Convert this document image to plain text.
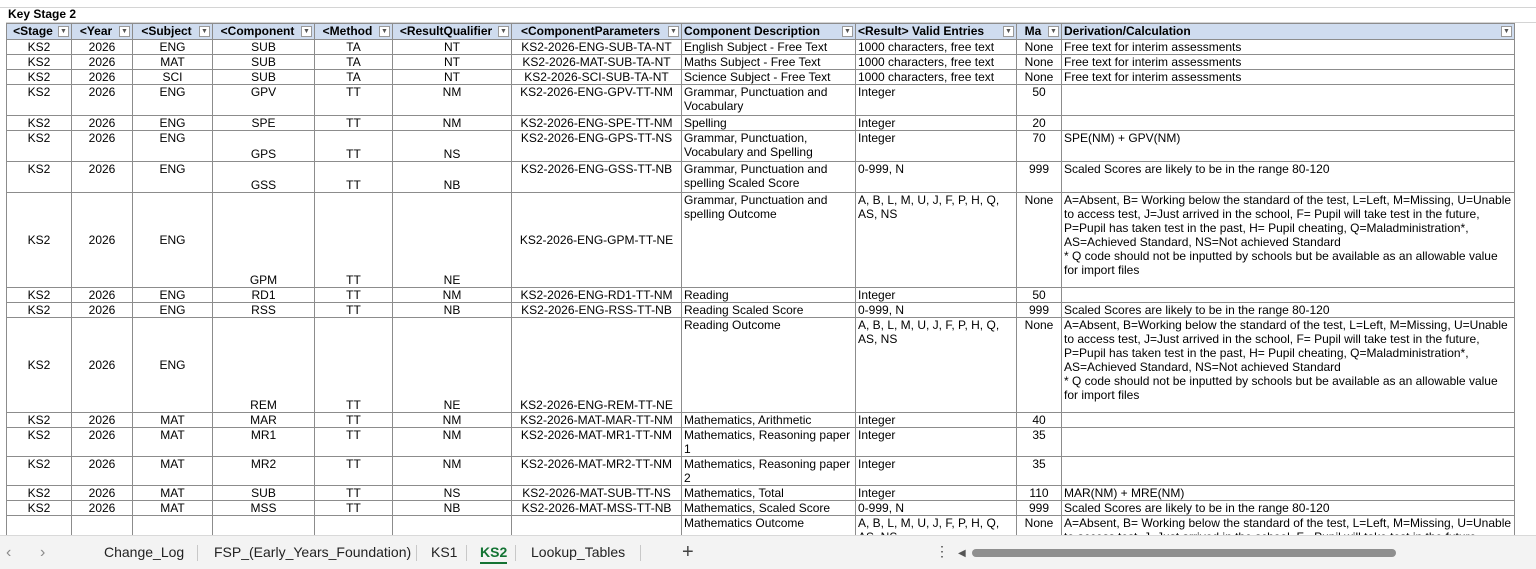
Key Stage 2
<Stage ▼	<Year ▼	<Subject ▼	<Component ▼	<Method ▼	<ResultQualifier ▼	<ComponentParameters ▼	Component Description ▼	<Result> Valid Entries ▼	Ma ▼	Derivation/Calculation ▼

KS2	2026	ENG	SUB	TA	NT	KS2-2026-ENG-SUB-TA-NT	English Subject - Free Text	1000 characters, free text	None	Free text for interim assessments
KS2	2026	MAT	SUB	TA	NT	KS2-2026-MAT-SUB-TA-NT	Maths Subject - Free Text	1000 characters, free text	None	Free text for interim assessments
KS2	2026	SCI	SUB	TA	NT	KS2-2026-SCI-SUB-TA-NT	Science Subject - Free Text	1000 characters, free text	None	Free text for interim assessments
KS2	2026	ENG	GPV	TT	NM	KS2-2026-ENG-GPV-TT-NM	Grammar, Punctuation and Vocabulary	Integer	50	
KS2	2026	ENG	SPE	TT	NM	KS2-2026-ENG-SPE-TT-NM	Spelling	Integer	20	
KS2	2026	ENG	GPS	TT	NS	KS2-2026-ENG-GPS-TT-NS	Grammar, Punctuation, Vocabulary and Spelling	Integer	70	SPE(NM) + GPV(NM)
KS2	2026	ENG	GSS	TT	NB	KS2-2026-ENG-GSS-TT-NB	Grammar, Punctuation and spelling Scaled Score	0-999, N	999	Scaled Scores are likely to be in the range 80-120
KS2	2026	ENG	GPM	TT	NE	KS2-2026-ENG-GPM-TT-NE	Grammar, Punctuation and spelling Outcome	A, B, L, M, U, J, F, P, H, Q, AS, NS	None	A=Absent, B= Working below the standard of the test, L=Left, M=Missing, U=Unable to access test, J=Just arrived in the school, F= Pupil will take test in the future, P=Pupil has taken test in the past, H= Pupil cheating, Q=Maladministration*, AS=Achieved Standard, NS=Not achieved Standard
* Q code should not be inputted by schools but be available as an allowable value for import files
KS2	2026	ENG	RD1	TT	NM	KS2-2026-ENG-RD1-TT-NM	Reading	Integer	50	
KS2	2026	ENG	RSS	TT	NB	KS2-2026-ENG-RSS-TT-NB	Reading Scaled Score	0-999, N	999	Scaled Scores are likely to be in the range 80-120
KS2	2026	ENG	REM	TT	NE	KS2-2026-ENG-REM-TT-NE	Reading Outcome	A, B, L, M, U, J, F, P, H, Q, AS, NS	None	A=Absent, B=Working below the standard of the test, L=Left, M=Missing, U=Unable to access test, J=Just arrived in the school, F= Pupil will take test in the future, P=Pupil has taken test in the past, H= Pupil cheating, Q=Maladministration*, AS=Achieved Standard, NS=Not achieved Standard
* Q code should not be inputted by schools but be available as an allowable value for import files
KS2	2026	MAT	MAR	TT	NM	KS2-2026-MAT-MAR-TT-NM	Mathematics, Arithmetic	Integer	40	
KS2	2026	MAT	MR1	TT	NM	KS2-2026-MAT-MR1-TT-NM	Mathematics, Reasoning paper 1	Integer	35	
KS2	2026	MAT	MR2	TT	NM	KS2-2026-MAT-MR2-TT-NM	Mathematics, Reasoning paper 2	Integer	35	
KS2	2026	MAT	SUB	TT	NS	KS2-2026-MAT-SUB-TT-NS	Mathematics, Total	Integer	110	MAR(NM) + MRE(NM)
KS2	2026	MAT	MSS	TT	NB	KS2-2026-MAT-MSS-TT-NB	Mathematics, Scaled Score	0-999, N	999	Scaled Scores are likely to be in the range 80-120
							Mathematics Outcome	A, B, L, M, U, J, F, P, H, Q,	None	A=Absent, B= Working below the standard of the test, L=Left, M=Missing, U=Unable
‹ ›	Change_Log FSP_(Early_Years_Foundation) KS1 KS2 Lookup_Tables	+	⋮ ◀
